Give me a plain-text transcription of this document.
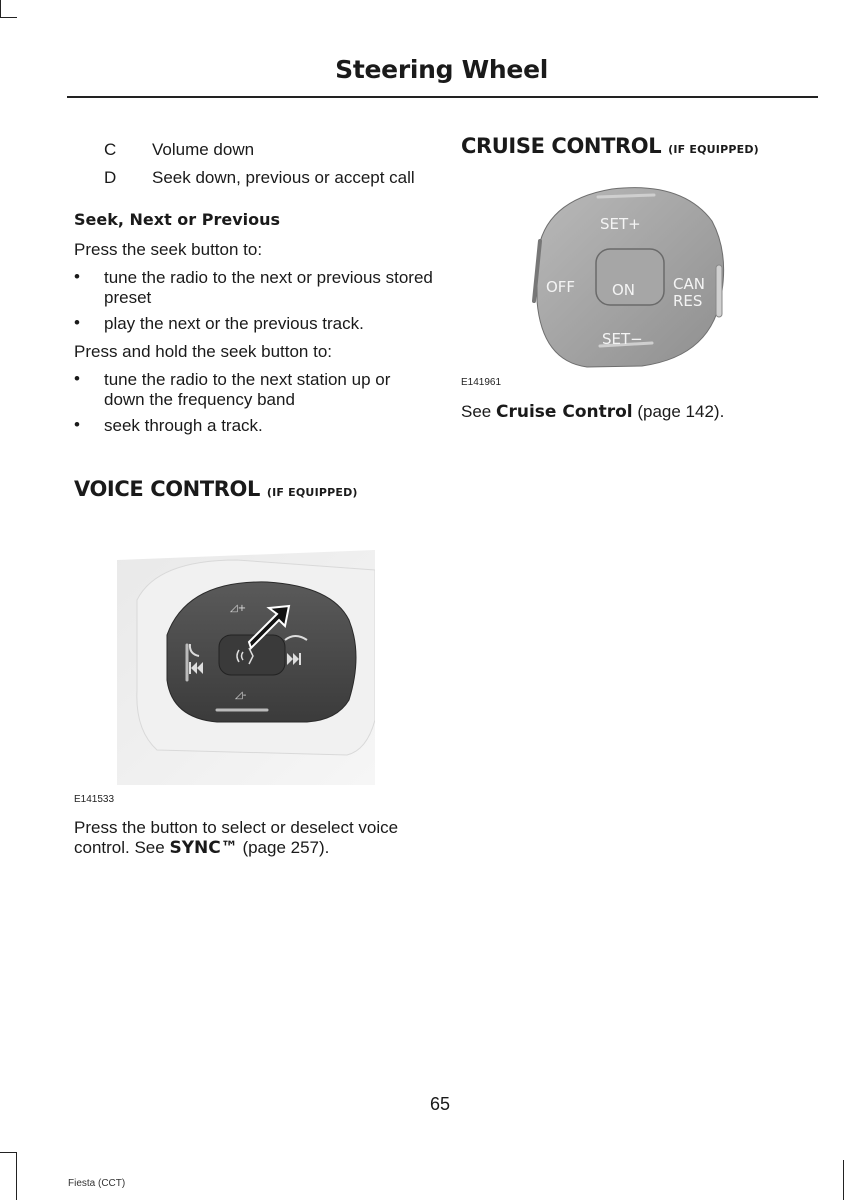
Steering Wheel
C	Volume down
D	Seek down, previous or accept call
Seek, Next or Previous

Press the seek button to:

• tune the radio to the next or previous stored preset
• play the next or the previous track.

Press and hold the seek button to:

• tune the radio to the next station up or down the frequency band
• seek through a track.
VOICE CONTROL (IF EQUIPPED)
◿+
◿-
E141533
Press the button to select or deselect voice control. See SYNC™ (page 257).
CRUISE CONTROL (IF EQUIPPED)
SET+
OFF ON	CAN
RES
SET−
E141961
See Cruise Control (page 142).
65
Fiesta (CCT)
